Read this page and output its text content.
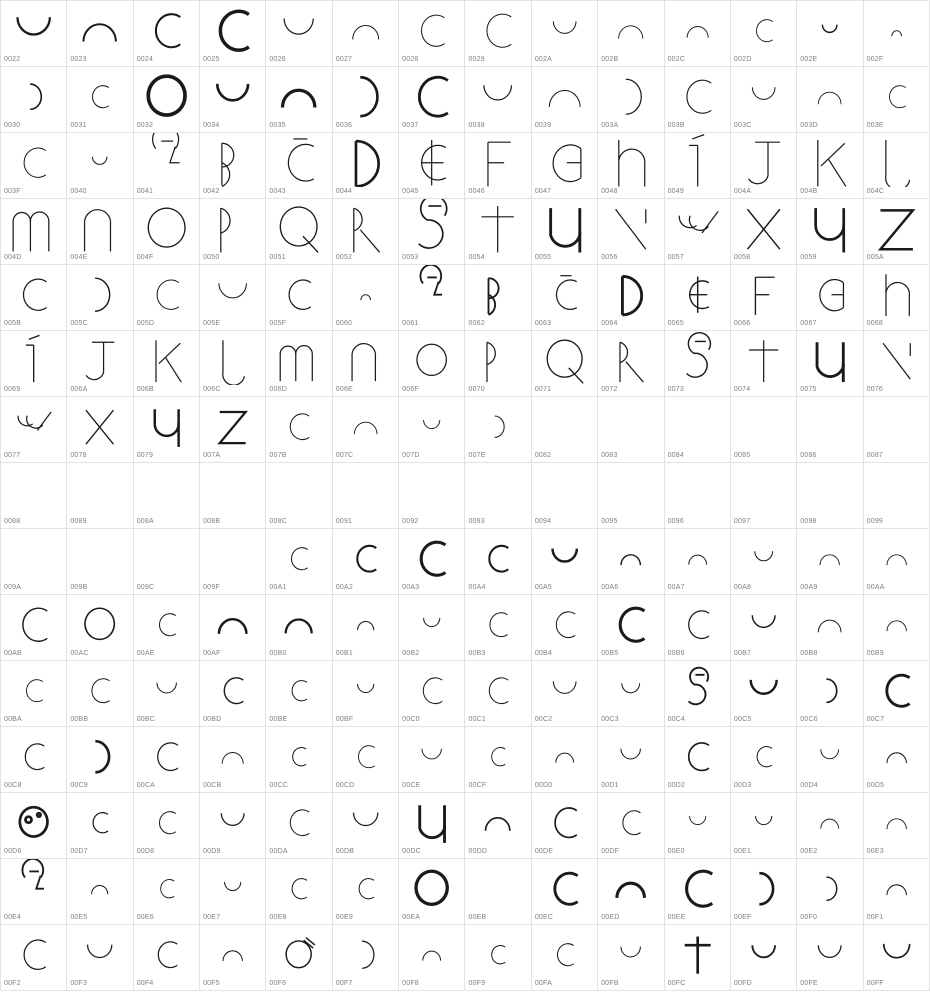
0022	0023	0024	0025	0026	0027	0028	0029	002A	002B	002C	002D	002E	002F
0030	0031	0032	0034	0035	0036	0037	0038	0039	003A	003B	003C	003D	003E
003F	0040	0041	0042	0043	0044	0045	0046	0047	0048	0049	004A	004B	004C
004D	004E	004F	0050	0051	0052	0053	0054	0055	0056	0057	0058	0059	005A
005B	005C	005D	005E	005F	0060	0061	0062	0063	0064	0065	0066	0067	0068
0069	006A	006B	006C	006D	006E	006F	0070	0071	0072	0073	0074	0075	0076
0077	0078	0079	007A	007B	007C	007D	007E	0082	0083	0084	0085	0086	0087
0088	0089	008A	008B	008C	0091	0092	0093	0094	0095	0096	0097	0098	0099
009A	009B	009C	009F	00A1	00A2	00A3	00A4	00A5	00A6	00A7	00A8	00A9	00AA
00AB	00AC	00AE	00AF	00B0	00B1	00B2	00B3	00B4	00B5	00B6	00B7	00B8	00B9
00BA	00BB	00BC	00BD	00BE	00BF	00C0	00C1	00C2	00C3	00C4	00C5	00C6	00C7
00C8	00C9	00CA	00CB	00CC	00CD	00CE	00CF	00D0	00D1	00D2	00D3	00D4	00D5
00D6	00D7	00D8	00D9	00DA	00DB	00DC	00DD	00DE	00DF	00E0	00E1	00E2	00E3
00E4	00E5	00E6	00E7	00E8	00E9	00EA	00EB	00EC	00ED	00EE	00EF	00F0	00F1
00F2	00F3	00F4	00F5	00F6	00F7	00F8	00F9	00FA	00FB	00FC	00FD	00FE	00FF
